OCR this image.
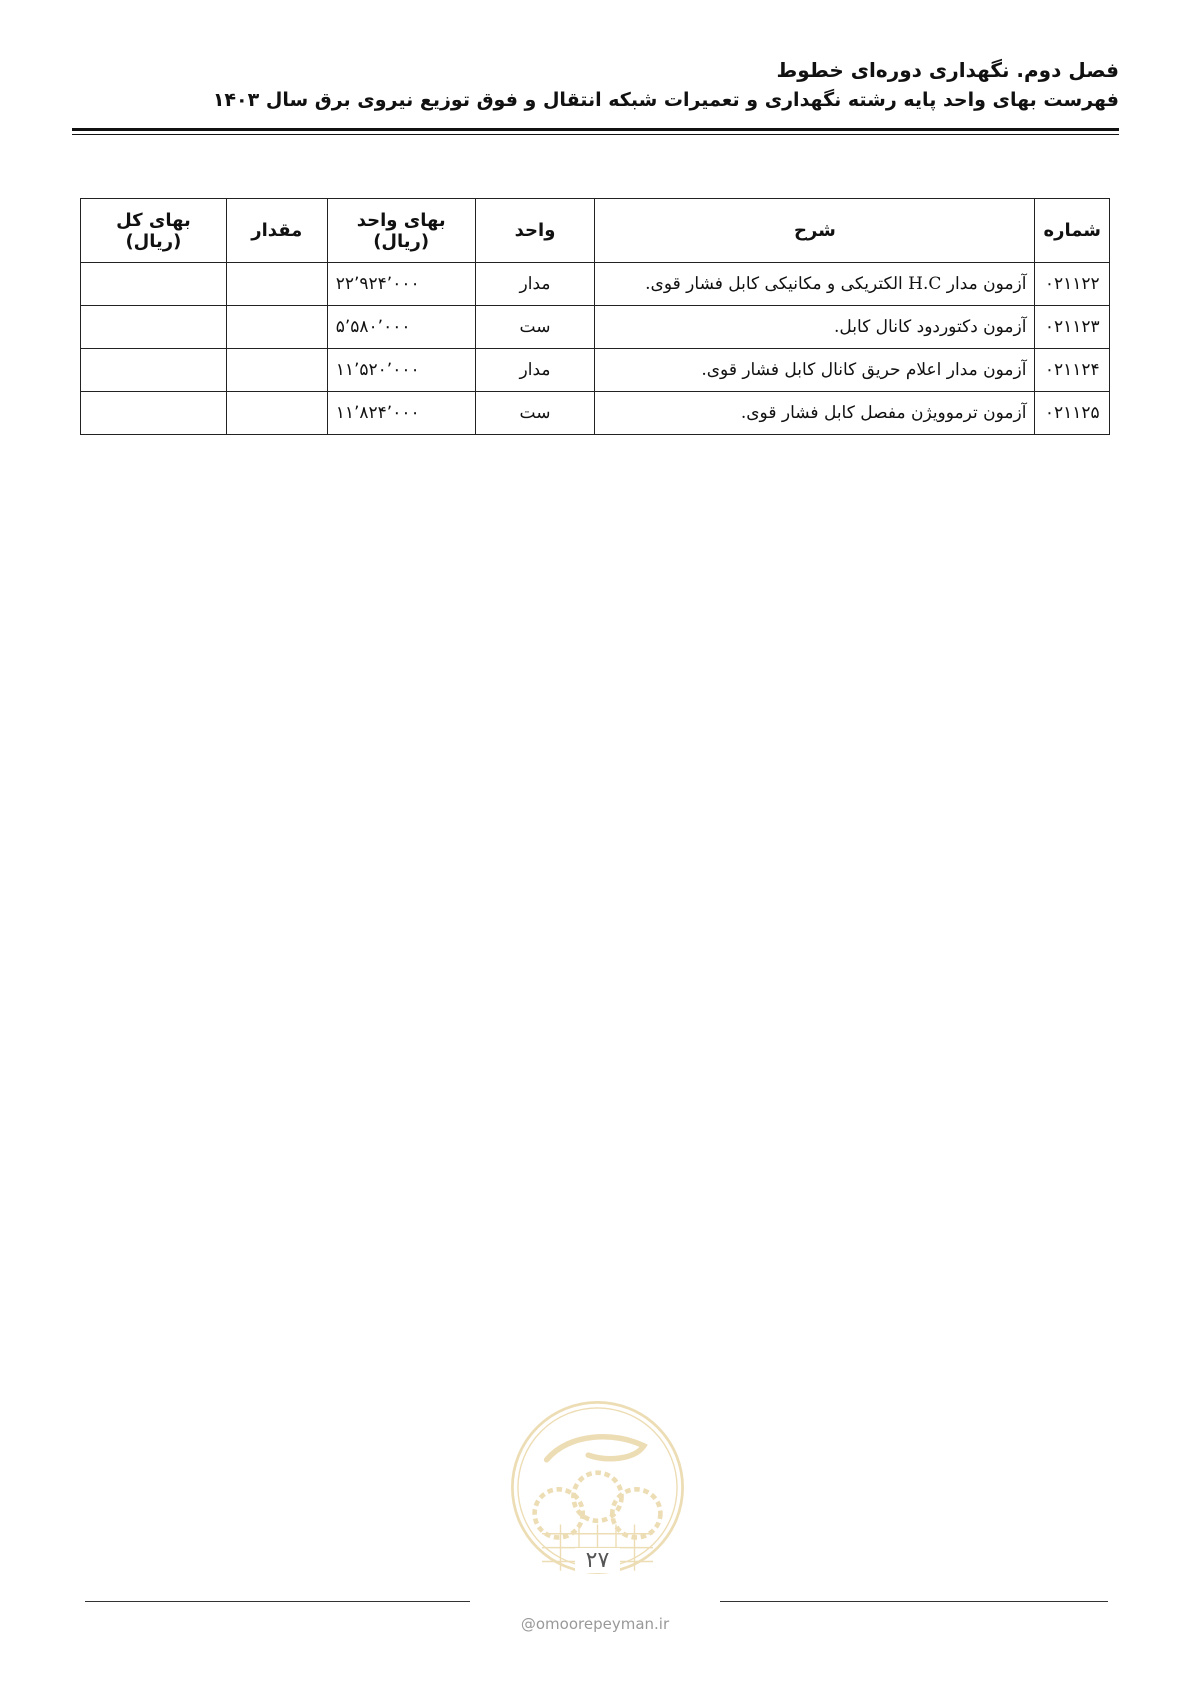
فصل دوم. نگهداری دوره‌ای خطوط
فهرست بهای واحد پایه رشته نگهداری و تعمیرات شبکه انتقال و فوق توزیع نیروی برق سال ۱۴۰۳
شماره	شرح	واحد	بهای واحد (ریال)	مقدار	بهای کل (ریال)
۰۲۱۱۲۲	آزمون مدار H.C الکتریکی و مکانیکی کابل فشار قوی.	مدار	۲۲٬۹۲۴٬۰۰۰		
۰۲۱۱۲۳	آزمون دکتوردود کانال کابل.	ست	۵٬۵۸۰٬۰۰۰		
۰۲۱۱۲۴	آزمون مدار اعلام حریق کانال کابل فشار قوی.	مدار	۱۱٬۵۲۰٬۰۰۰		
۰۲۱۱۲۵	آزمون ترموویژن مفصل کابل فشار قوی.	ست	۱۱٬۸۲۴٬۰۰۰		
۲۷
@omoorepeyman.ir
